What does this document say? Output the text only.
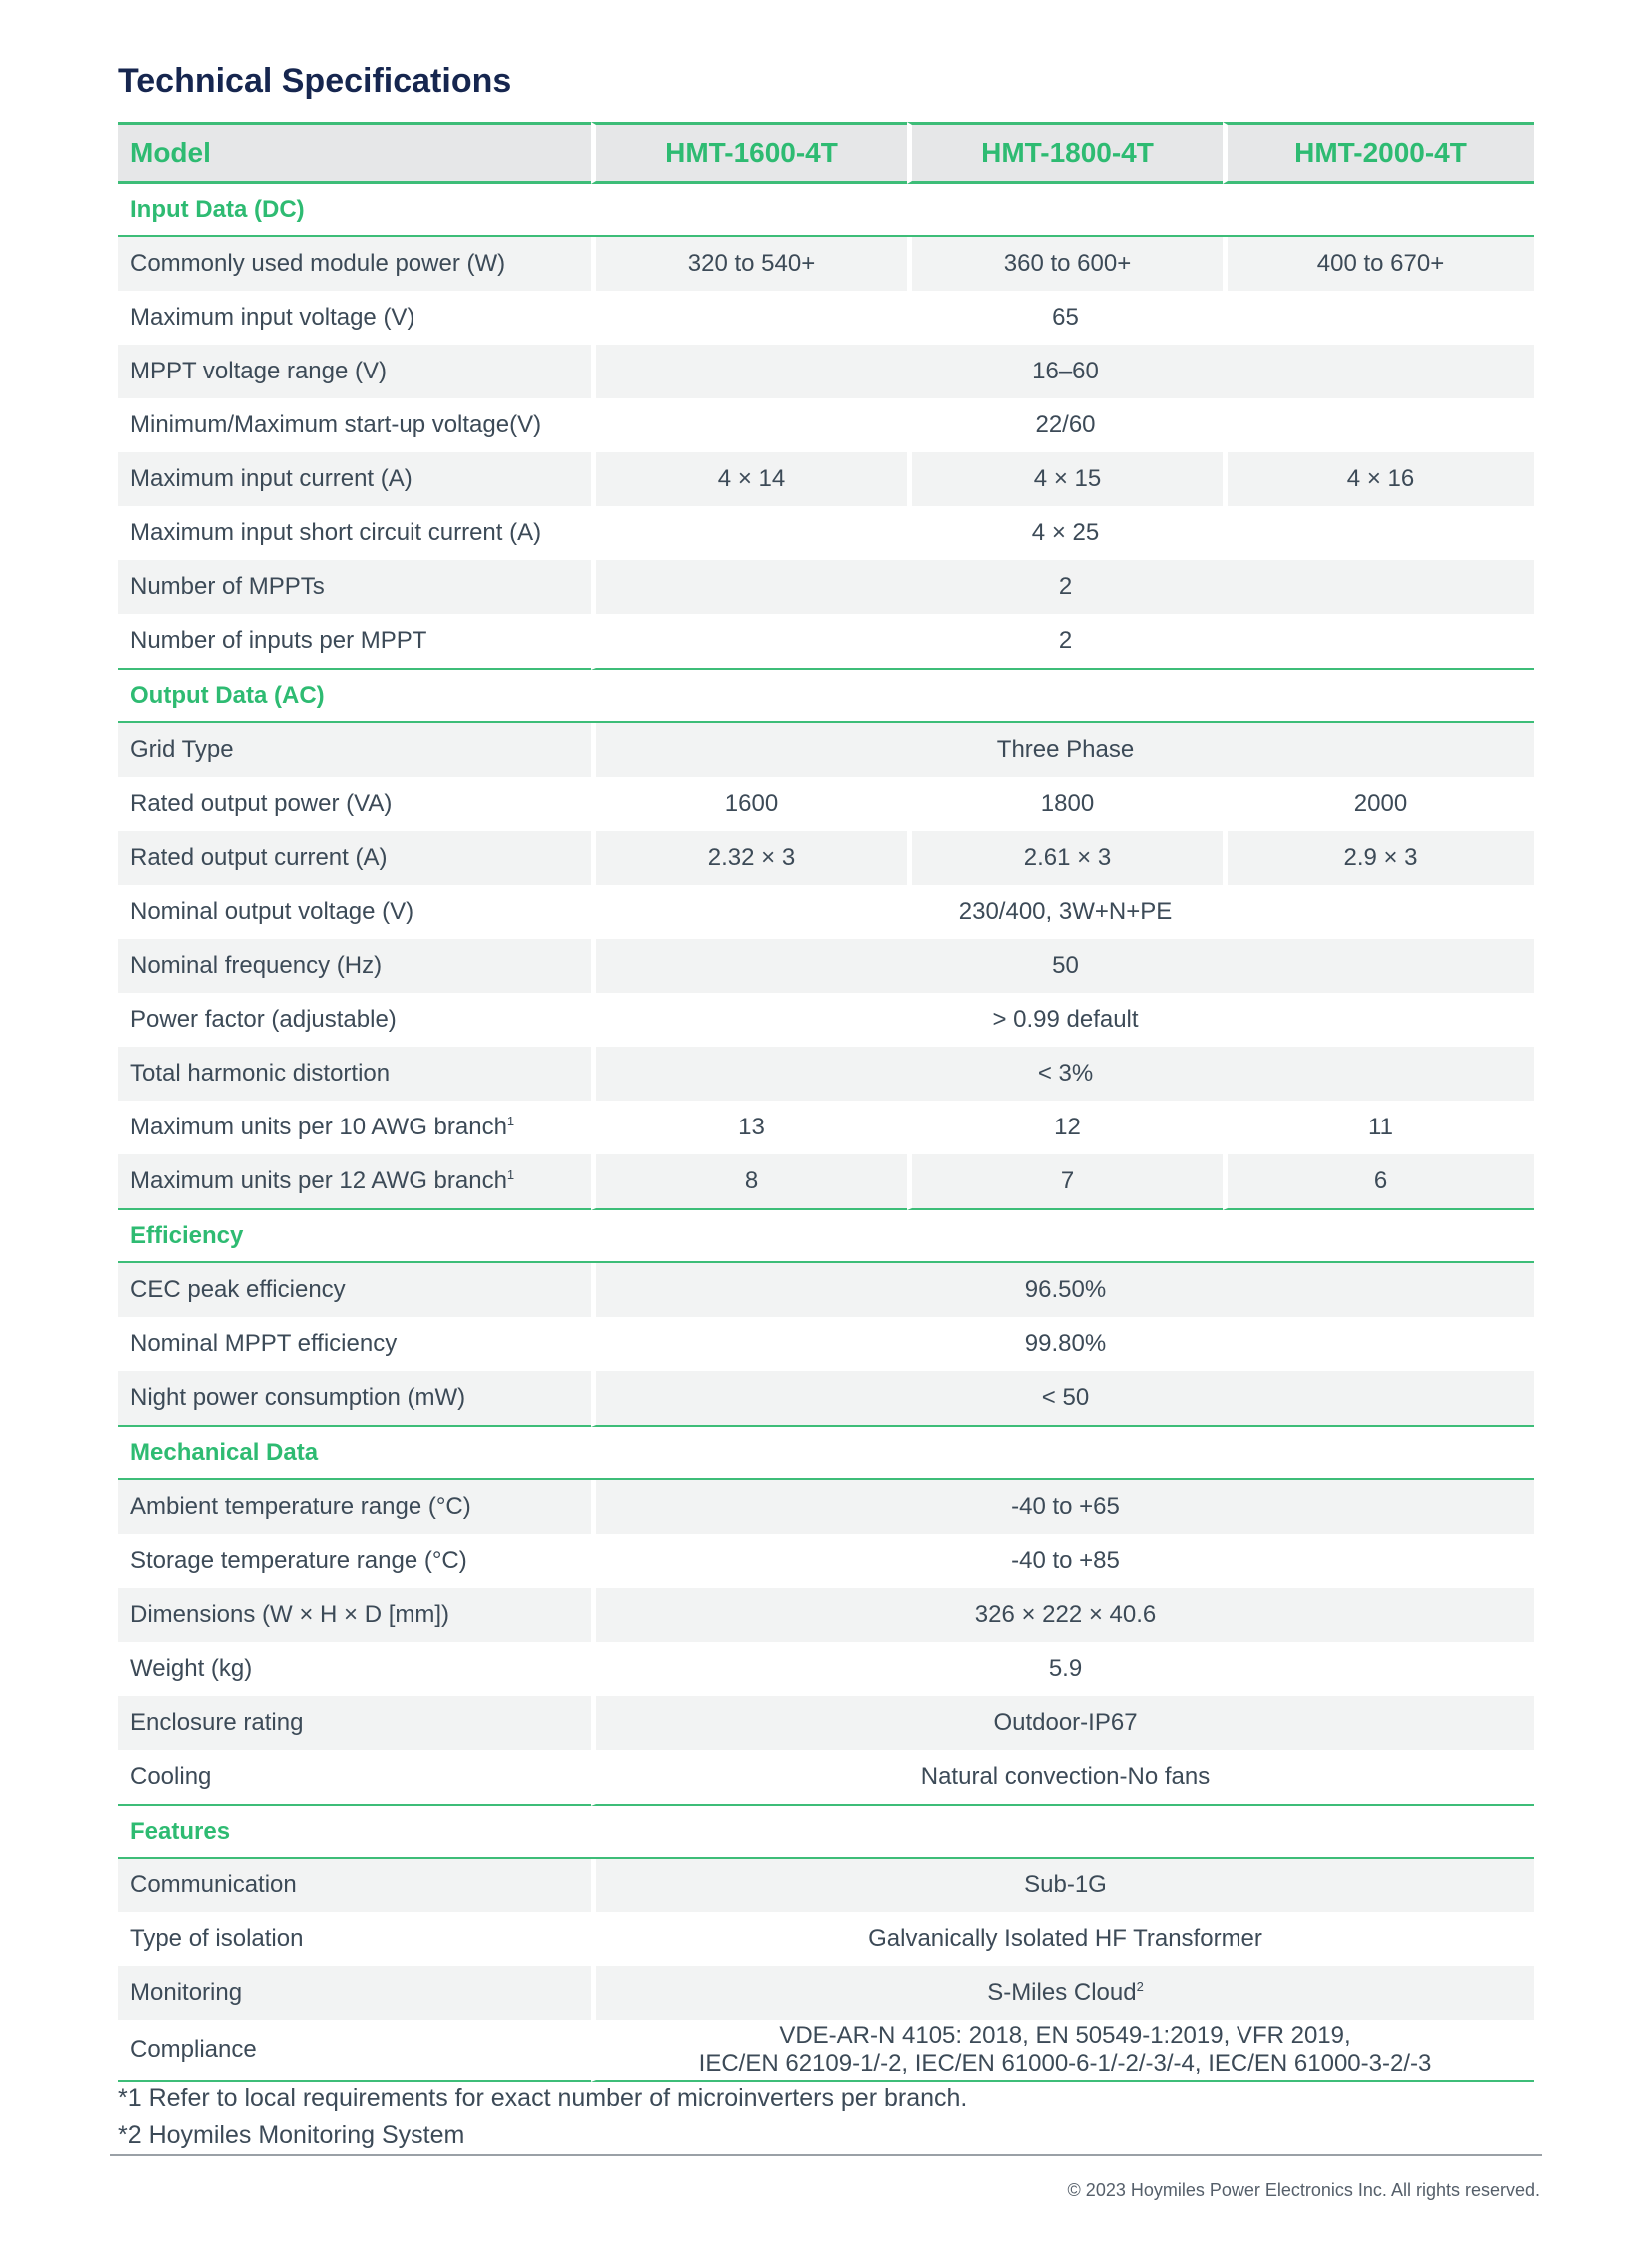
Technical Specifications
Model	HMT-1600-4T	HMT-1800-4T	HMT-2000-4T
Input Data (DC)			
Commonly used module power (W)	320 to 540+	360 to 600+	400 to 670+
Maximum input voltage (V)	65		
MPPT voltage range (V)	16–60		
Minimum/Maximum start-up voltage(V)	22/60		
Maximum input current (A)	4 × 14	4 × 15	4 × 16
Maximum input short circuit current (A)	4 × 25		
Number of MPPTs	2		
Number of inputs per MPPT	2		
Output Data (AC)			
Grid Type	Three Phase		
Rated output power (VA)	1600	1800	2000
Rated output current (A)	2.32 × 3	2.61 × 3	2.9 × 3
Nominal output voltage (V)	230/400, 3W+N+PE		
Nominal frequency (Hz)	50		
Power factor (adjustable)	> 0.99 default		
Total harmonic distortion	< 3%		
Maximum units per 10 AWG branch$^1$	13	12	11
Maximum units per 12 AWG branch$^1$	8	7	6
Efficiency			
CEC peak efficiency	96.50%		
Nominal MPPT efficiency	99.80%		
Night power consumption (mW)	< 50		
Mechanical Data			
Ambient temperature range (°C)	-40 to +65		
Storage temperature range (°C)	-40 to +85		
Dimensions (W × H × D [mm])	326 × 222 × 40.6		
Weight (kg)	5.9		
Enclosure rating	Outdoor-IP67		
Cooling	Natural convection-No fans		
Features			
Communication	Sub-1G		
Type of isolation	Galvanically Isolated HF Transformer		
Monitoring	S-Miles Cloud$^2$
Compliance	VDE-AR-N 4105: 2018, EN 50549-1:2019, VFR 2019,
IEC/EN 62109-1/-2, IEC/EN 61000-6-1/-2/-3/-4, IEC/EN 61000-3-2/-3		
*1 Refer to local requirements for exact number of microinverters per branch.
*2 Hoymiles Monitoring System
© 2023 Hoymiles Power Electronics Inc. All rights reserved.
